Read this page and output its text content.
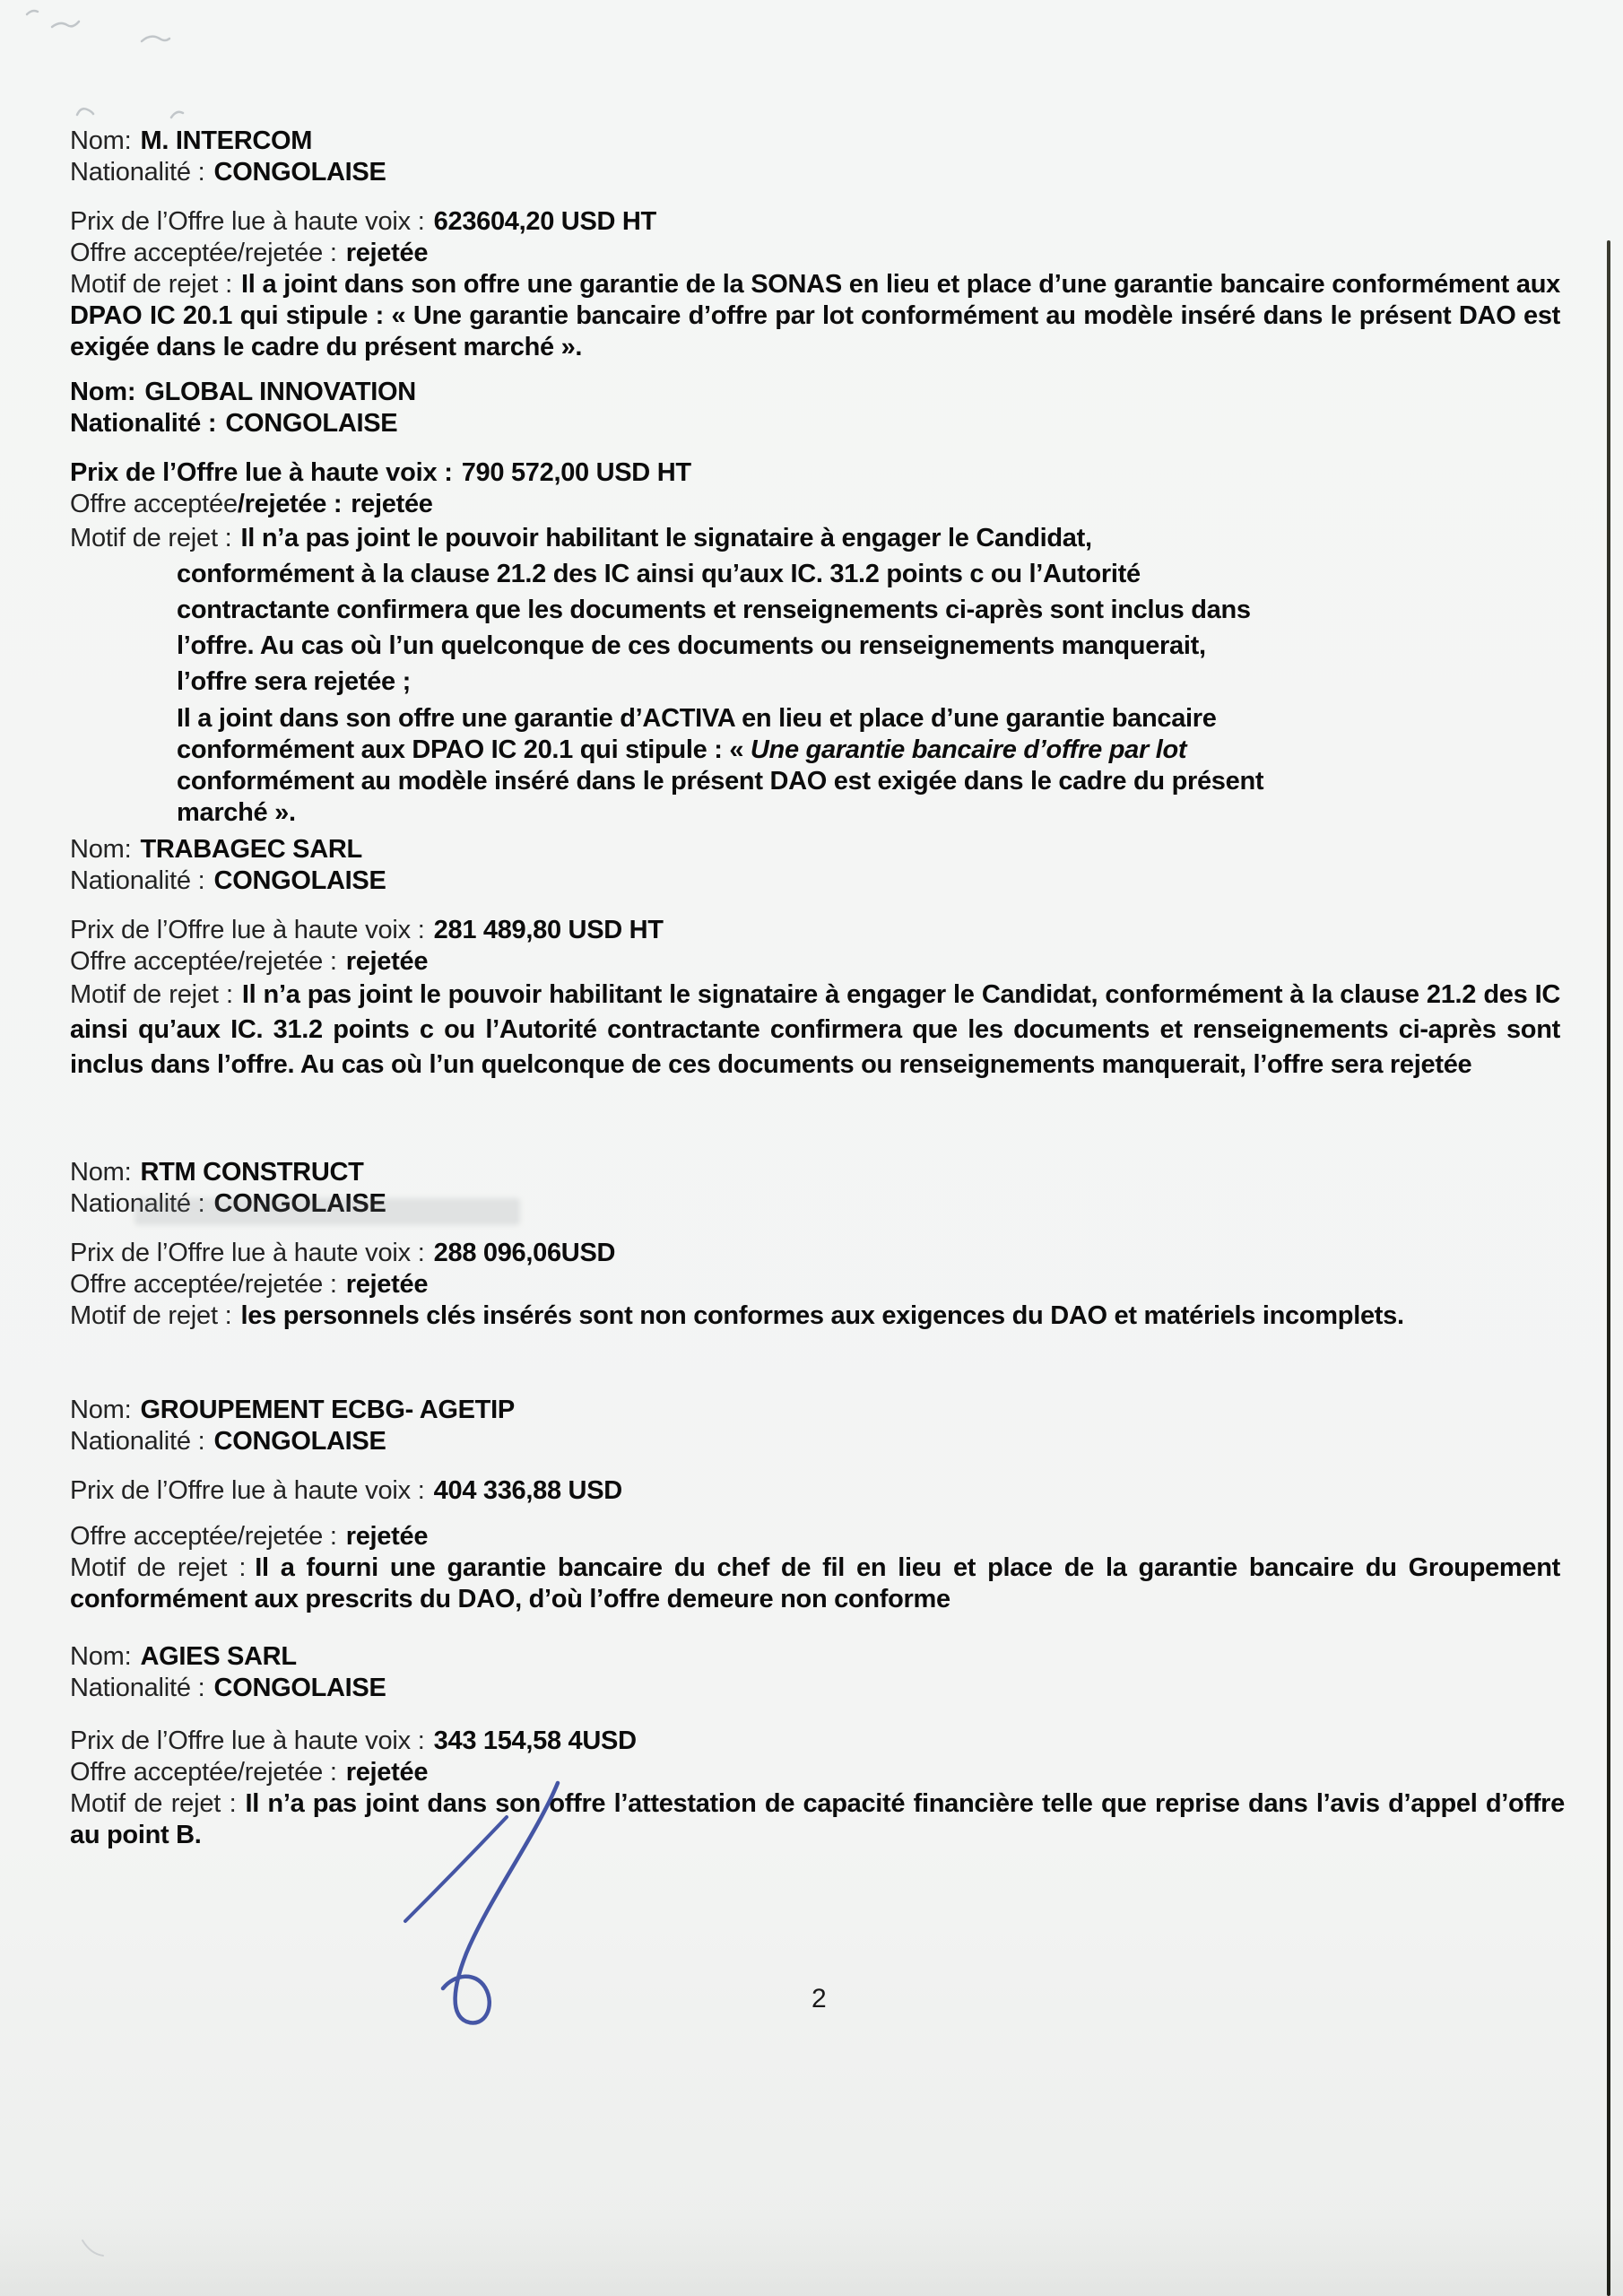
Nom: M. INTERCOM
Nationalité : CONGOLAISE
Prix de l’Offre lue à haute voix : 623604,20 USD HT
Offre acceptée/rejetée : rejetée

Motif de rejet : Il a joint dans son offre une garantie de la SONAS en lieu et place d’une garantie bancaire conformément aux DPAO IC 20.1 qui stipule : « Une garantie bancaire d’offre par lot conformément au modèle inséré dans le présent DAO est exigée dans le cadre du présent marché ».

Nom: GLOBAL INNOVATION
Nationalité : CONGOLAISE
Prix de l’Offre lue à haute voix : 790 572,00 USD HT
Offre acceptée/rejetée : rejetée
Motif de rejet : Il n’a pas joint le pouvoir habilitant le signataire à engager le Candidat,

conformément à la clause 21.2 des IC ainsi qu’aux IC. 31.2 points c ou l’Autorité contractante confirmera que les documents et renseignements ci-après sont inclus dans l’offre. Au cas où l’un quelconque de ces documents ou renseignements manquerait, l’offre sera rejetée ;

Il a joint dans son offre une garantie d’ACTIVA en lieu et place d’une garantie bancaire conformément aux DPAO IC 20.1 qui stipule : « Une garantie bancaire d’offre par lot conformément au modèle inséré dans le présent DAO est exigée dans le cadre du présent marché ».

Nom: TRABAGEC SARL
Nationalité : CONGOLAISE
Prix de l’Offre lue à haute voix : 281 489,80 USD HT
Offre acceptée/rejetée : rejetée

Motif de rejet : Il n’a pas joint le pouvoir habilitant le signataire à engager le Candidat, conformément à la clause 21.2 des IC ainsi qu’aux IC. 31.2 points c ou l’Autorité contractante confirmera que les documents et renseignements ci-après sont inclus dans l’offre. Au cas où l’un quelconque de ces documents ou renseignements manquerait, l’offre sera rejetée

Nom: RTM CONSTRUCT
Nationalité : CONGOLAISE
Prix de l’Offre lue à haute voix : 288 096,06USD
Offre acceptée/rejetée : rejetée

Motif de rejet : les personnels clés insérés sont non conformes aux exigences du DAO et matériels incomplets.

Nom: GROUPEMENT ECBG- AGETIP
Nationalité : CONGOLAISE
Prix de l’Offre lue à haute voix : 404 336,88 USD
Offre acceptée/rejetée : rejetée

Motif de rejet : Il a fourni une garantie bancaire du chef de fil en lieu et place de la garantie bancaire du Groupement conformément aux prescrits du DAO, d’où l’offre demeure non conforme

Nom: AGIES SARL
Nationalité : CONGOLAISE
Prix de l’Offre lue à haute voix : 343 154,58 4USD
Offre acceptée/rejetée : rejetée

Motif de rejet : Il n’a pas joint dans son offre l’attestation de capacité financière telle que reprise dans l’avis d’appel d’offre au point B.

2
